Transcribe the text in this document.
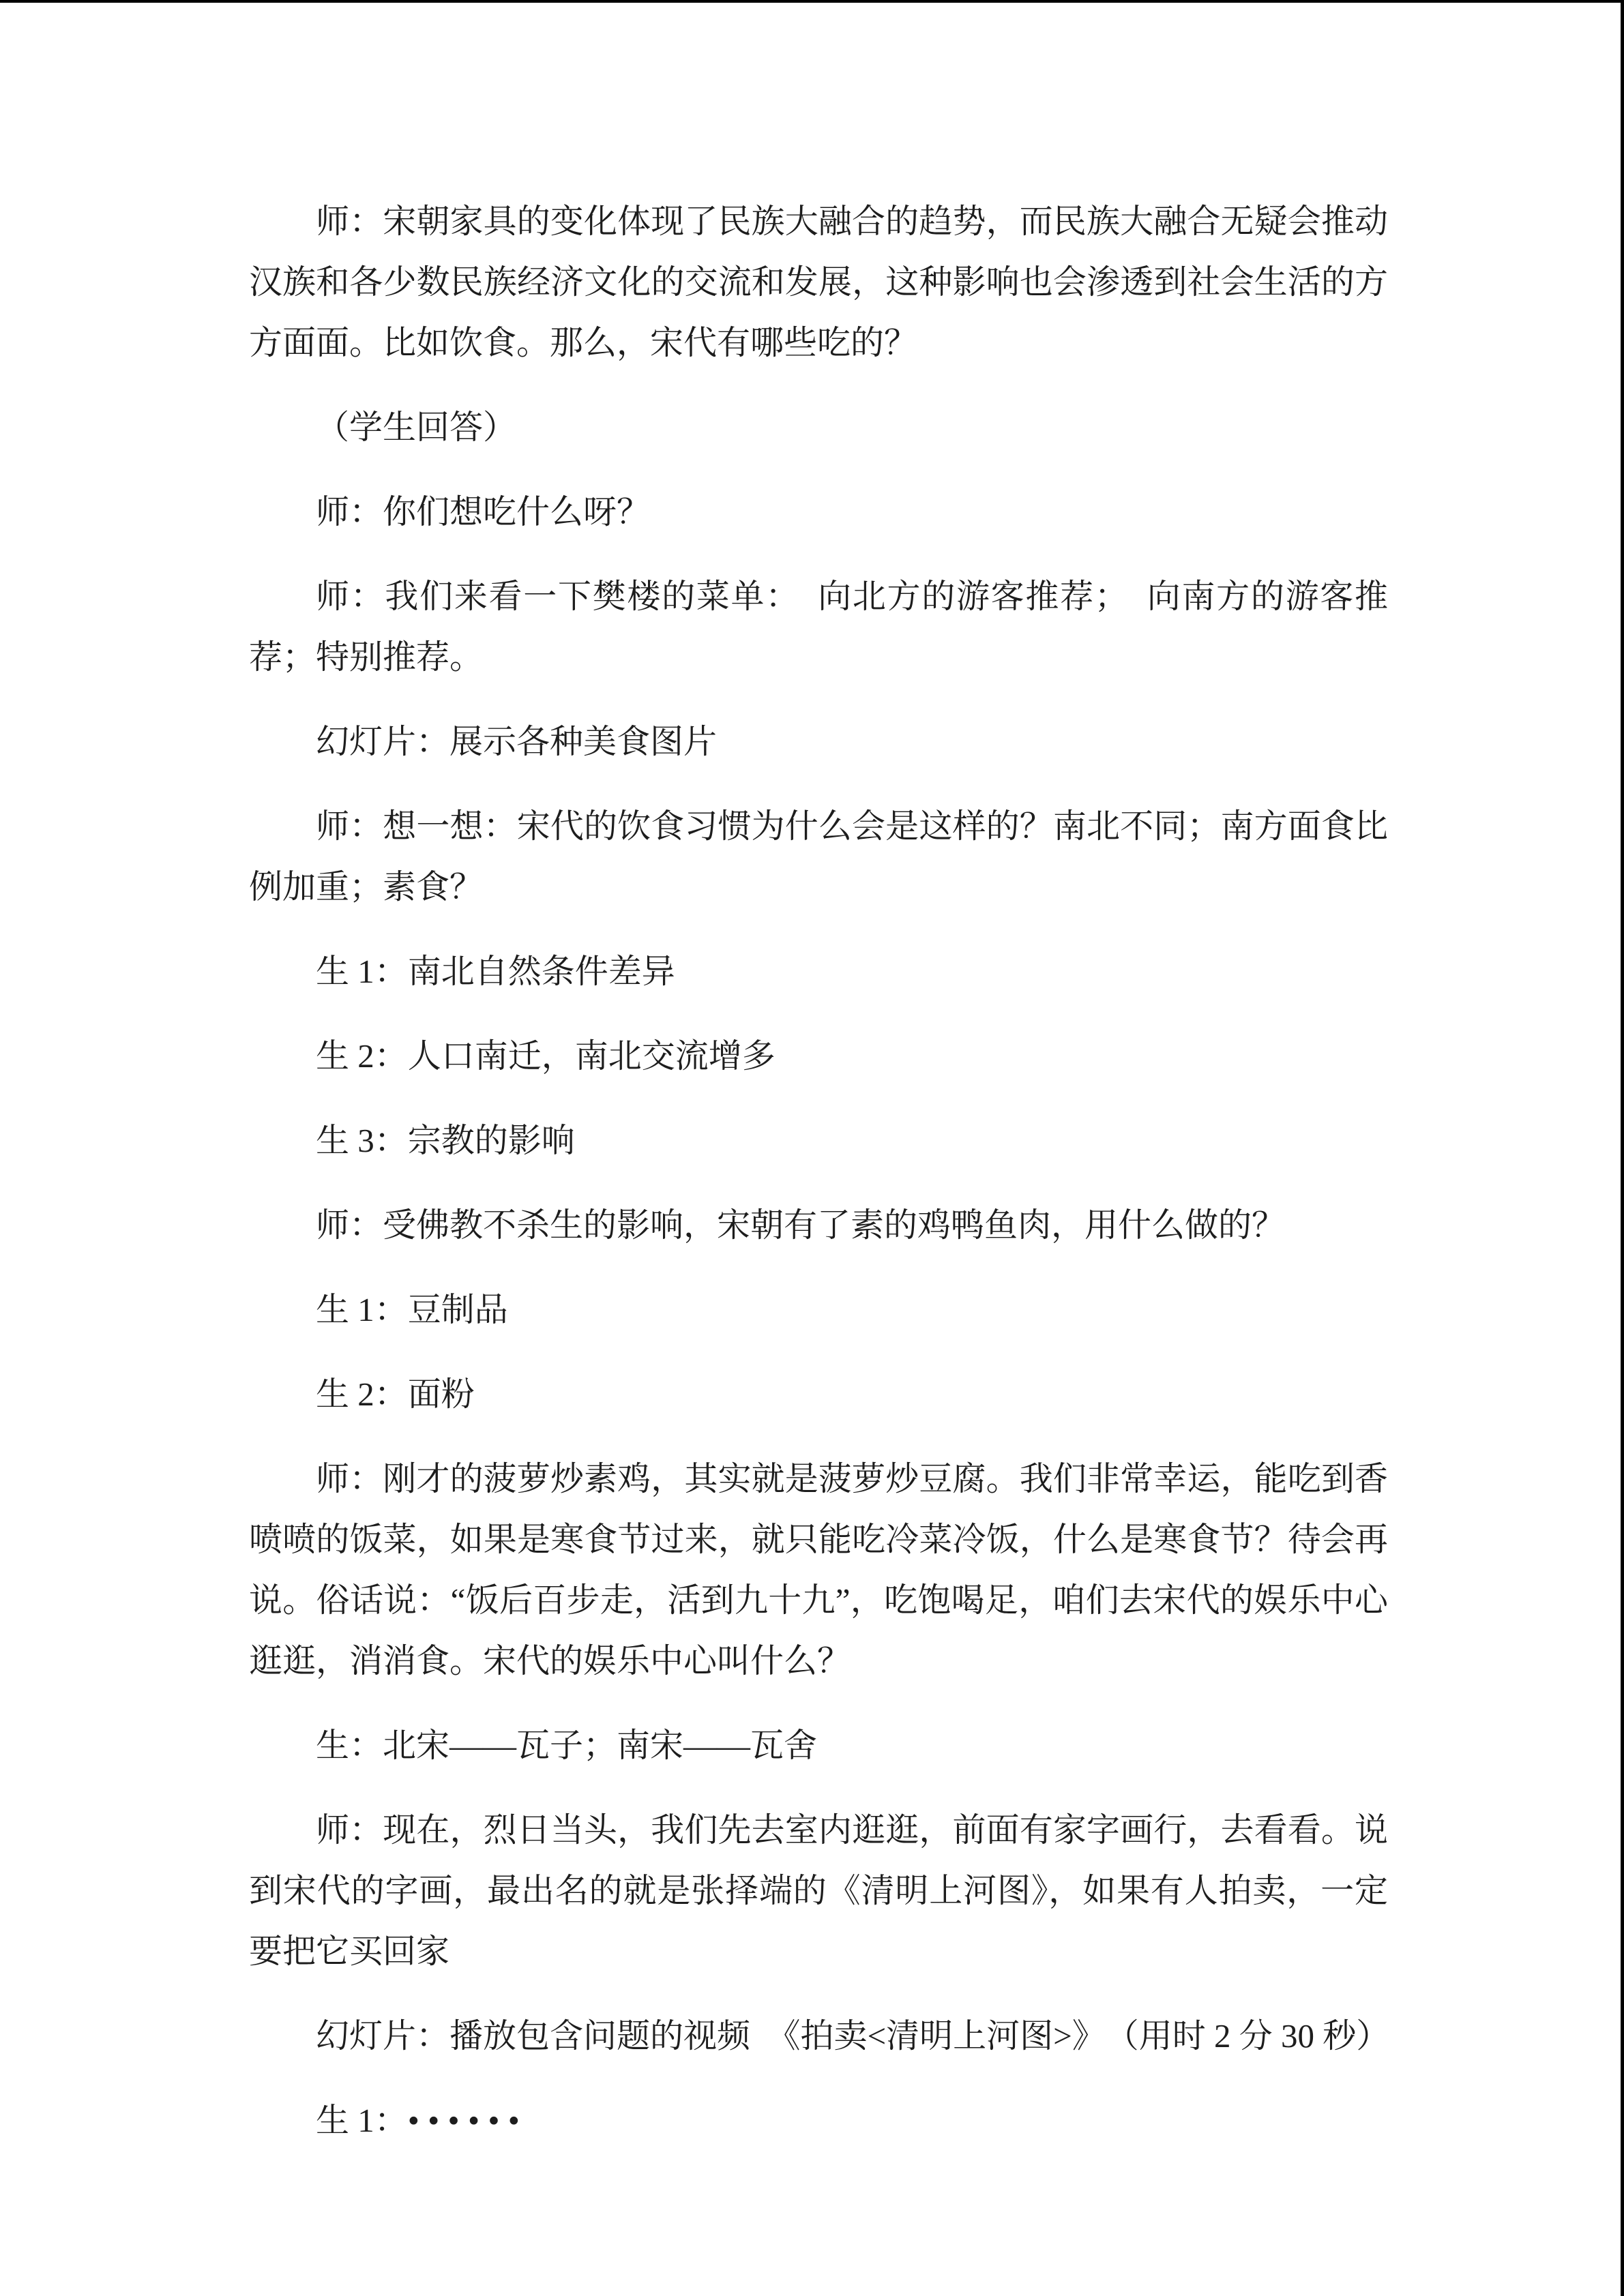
师：宋朝家具的变化体现了民族大融合的趋势，而民族大融合无疑会推动汉族和各少数民族经济文化的交流和发展，这种影响也会渗透到社会生活的方方面面。比如饮食。那么，宋代有哪些吃的？

（学生回答）

师：你们想吃什么呀？

师：我们来看一下樊楼的菜单：　向北方的游客推荐；　向南方的游客推荐；特别推荐。

幻灯片：展示各种美食图片

师：想一想：宋代的饮食习惯为什么会是这样的？南北不同；南方面食比例加重；素食？

生 1：南北自然条件差异

生 2：人口南迁，南北交流增多

生 3：宗教的影响

师：受佛教不杀生的影响，宋朝有了素的鸡鸭鱼肉，用什么做的？

生 1：豆制品

生 2：面粉

师：刚才的菠萝炒素鸡，其实就是菠萝炒豆腐。我们非常幸运，能吃到香喷喷的饭菜，如果是寒食节过来，就只能吃冷菜冷饭，什么是寒食节？待会再说。俗话说：“饭后百步走，活到九十九”，吃饱喝足，咱们去宋代的娱乐中心逛逛，消消食。宋代的娱乐中心叫什么？

生：北宋——瓦子；南宋——瓦舍

师：现在，烈日当头，我们先去室内逛逛，前面有家字画行，去看看。说到宋代的字画，最出名的就是张择端的《清明上河图》，如果有人拍卖，一定要把它买回家

幻灯片：播放包含问题的视频　《拍卖<清明上河图>》　（用时 2 分 30 秒）

生 1：• • • • • •
